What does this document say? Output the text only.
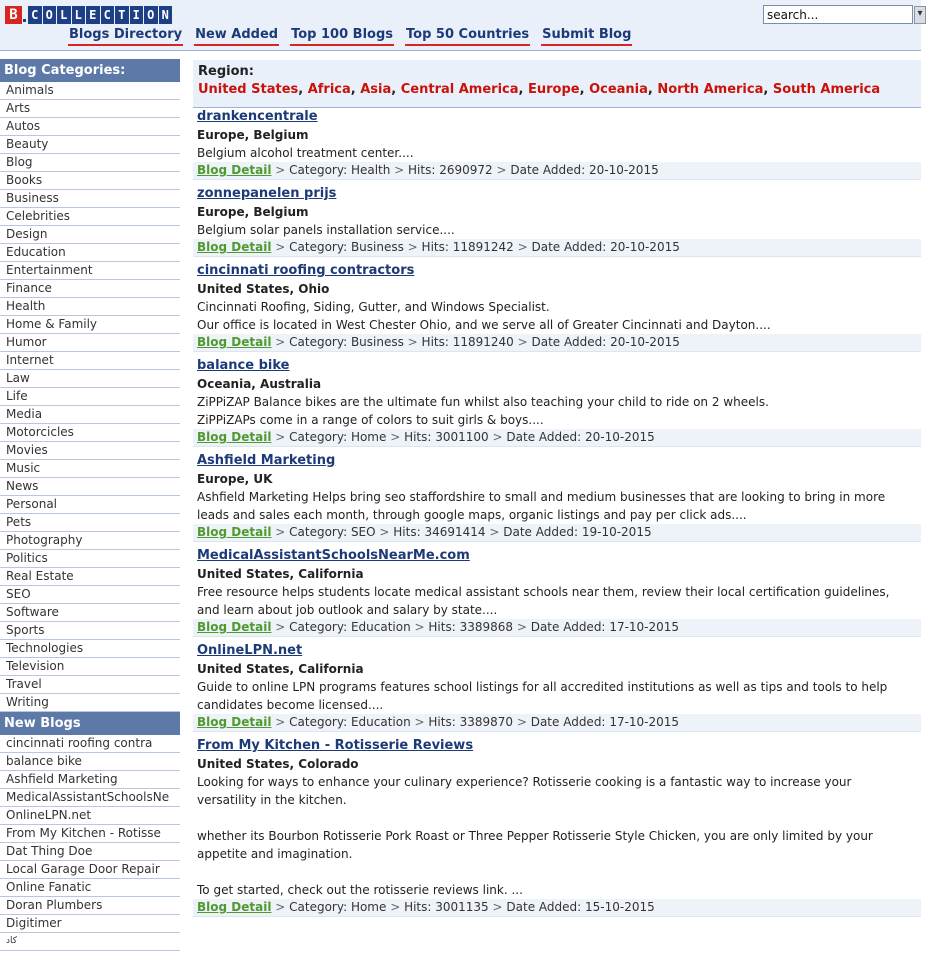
B	C O L L E C T I O N
Blogs Directory New Added Top 100 Blogs Top 50 Countries Submit Blog
search...
▾
Blog Categories:
Animals
Arts
Autos
Beauty
Blog
Books
Business
Celebrities
Design
Education
Entertainment
Finance
Health
Home & Family
Humor
Internet
Law
Life
Media
Motorcicles
Movies
Music
News
Personal
Pets
Photography
Politics
Real Estate
SEO
Software
Sports
Technologies
Television
Travel
Writing
New Blogs
cincinnati roofing contra
balance bike
Ashfield Marketing
MedicalAssistantSchoolsNe
OnlineLPN.net
From My Kitchen - Rotisse
Dat Thing Doe
Local Garage Door Repair
Online Fanatic
Doran Plumbers
Digitimer
كاد
Region:
United States, Africa, Asia, Central America, Europe, Oceania, North America, South America
drankencentrale
Europe, Belgium

Belgium alcohol treatment center....

Blog Detail > Category: Health > Hits: 2690972 > Date Added: 20-10-2015
zonnepanelen prijs
Europe, Belgium

Belgium solar panels installation service....

Blog Detail > Category: Business > Hits: 11891242 > Date Added: 20-10-2015
cincinnati roofing contractors
United States, Ohio

Cincinnati Roofing, Siding, Gutter, and Windows Specialist.

Our office is located in West Chester Ohio, and we serve all of Greater Cincinnati and Dayton....

Blog Detail > Category: Business > Hits: 11891240 > Date Added: 20-10-2015
balance bike
Oceania, Australia

ZiPPiZAP Balance bikes are the ultimate fun whilst also teaching your child to ride on 2 wheels.

ZiPPiZAPs come in a range of colors to suit girls & boys....

Blog Detail > Category: Home > Hits: 3001100 > Date Added: 20-10-2015
Ashfield Marketing
Europe, UK

Ashfield Marketing Helps bring seo staffordshire to small and medium businesses that are looking to bring in more leads and sales each month, through google maps, organic listings and pay per click ads....

Blog Detail > Category: SEO > Hits: 34691414 > Date Added: 19-10-2015
MedicalAssistantSchoolsNearMe.com
United States, California

Free resource helps students locate medical assistant schools near them, review their local certification guidelines, and learn about job outlook and salary by state....

Blog Detail > Category: Education > Hits: 3389868 > Date Added: 17-10-2015
OnlineLPN.net
United States, California

Guide to online LPN programs features school listings for all accredited institutions as well as tips and tools to help candidates become licensed....

Blog Detail > Category: Education > Hits: 3389870 > Date Added: 17-10-2015
From My Kitchen - Rotisserie Reviews
United States, Colorado

Looking for ways to enhance your culinary experience? Rotisserie cooking is a fantastic way to increase your versatility in the kitchen.

whether its Bourbon Rotisserie Pork Roast or Three Pepper Rotisserie Style Chicken, you are only limited by your appetite and imagination.

To get started, check out the rotisserie reviews link. ...

Blog Detail > Category: Home > Hits: 3001135 > Date Added: 15-10-2015
